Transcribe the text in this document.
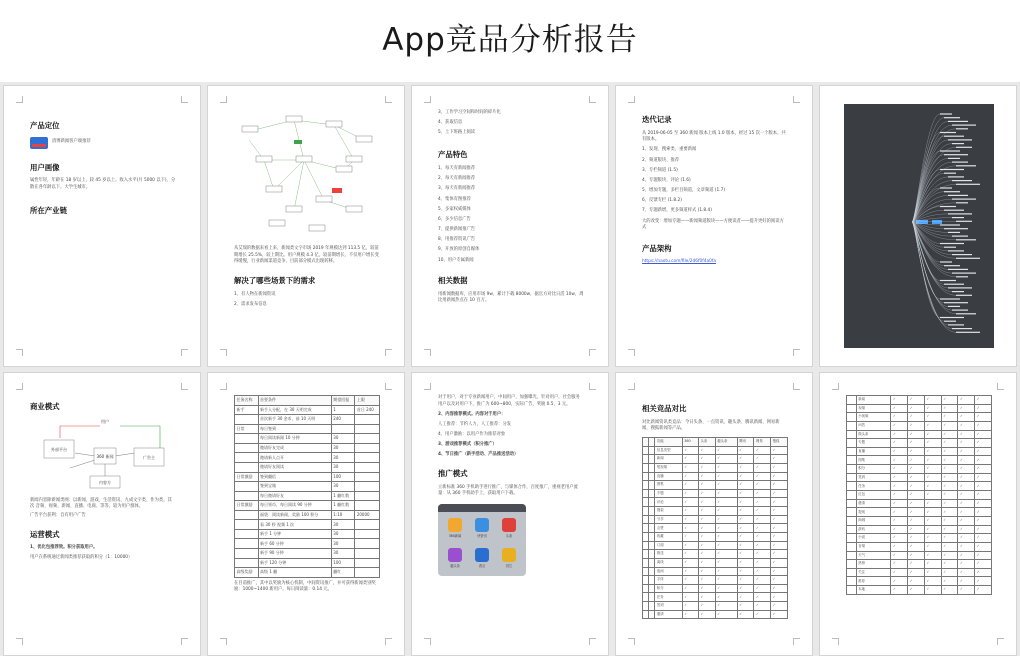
App竞品分析报告
产品定位
清博新闻客户端推荐
用户画像
属性年轻，年龄在 18 岁以上，较 45 岁以上。收入水平(月 5000 以下)，分散在各年龄以下。大学生城市。
所在产业链
从艾瑞的数据来看上来，新闻类文字市场 2019 年规模达到 113.5 亿，较前期增长 25.5%，较上期比。用户规模 4.3 亿，较前期增长，不仅用户增长变得缓慢，行业新闻渠道竞争，目前部分模式出现转移。
解决了哪些场景下的需求
1、有人物在新闻资讯
2、需求发布信息
3、工作学习空间和时间的碎片化
4、获取信息
5、上下班路上阅读
产品特色
1、每天有新闻推荐
2、每天有新闻推荐
3、每天有新闻推荐
4、集体有图推荐
5、多家权威媒体
6、多少信息广告
7、提供新闻推广告
8、用推荐资讯广告
9、开放的原创自媒体
10、用户专属新闻
相关数据
用新闻数据库，应用市场 9w，累计下载 8000w，据官方对比日活 10w，周比用新闻热点在 10 百万。
迭代记录
从 2019-06-05 至 360 新闻 版本上线 1.0 版本，经过 15 次一个版本，共有版本。
1、发现、搜索类、重要新闻
2、频道版块、推荐
3、专栏频道 (1.5)
4、专题版块、评论 (1.6)
5、增加专题，多栏目频道，文章频道 (1.7)
6、反馈专栏 (1.8.2)
7、专题新增，更多频道样式 (1.8.4)
大的改变：增加专题——新闻频道版块——方便读者——提升更好的阅读方式
产品架构
https://naotu.com/file/2d6f0f4a0fa
商业模式
外部平台
360 新闻	广告主
内容方
用户
新闻内容除新闻类网：以新闻、游戏、生活资讯、九成文字类、作为类，其次 音频、视频、新闻、直播、电商、等等，较为用户群体。
广告平台获利：自有用户广告
运营模式
1、优化包推荐效。积分获取用户。
用户在系统通过新闻类推荐获取的积分（1：10000）
任务名称	首要条件	期望回报	上限
新手	新手入分配，在 30 天明完成	1	首日 240
	首次新手 30 金币，前 10 天明	240	
日常	每日签到		
	每日阅读新闻 10 分钟	30	
	邀请好友完成	30	
	邀请新人点开	30	
	邀请好友阅读	30	
日常激励	签到翻倍	100	
	签到宝箱	30	
	每日邀请好友	1 翻红数	
日常激励	每日领币，每日阅读 90 分钟	1 翻红数	
	福袋：阅读新闻，奖励 100 积分	1:10	20000
	看 30 秒 视频 1 次	30	
	新手 1 分钟	30	
	新手 60 分钟	30	
	新手 90 分钟	30	
	新手 120 分钟	100	
高级奖励	高级 1 翻	翻红	
在目前推广，其中以奖励为核心机制，中间资讯推广，并可获得新闻类别奖励：1000~1400 新用户。每日阅读量：0.14 元。
对于用户，对于专业新闻用户，中间用户，加强曝光，针对用户，社会服务用户以及对用户下，推广为 600~800，实际广告，奖励 0.5，3 元。
2、内容推荐模式。内容对于用户：
人工推荐：节约人力，人工推荐：分发
4、用户激励：以用户作为推荐对象
3、游戏推荐模式（积分推广）
4、节日推广（新手活动、产品推送活动）
推广模式
立新标准 360 手机助手进行推广，与媒体合作，百度推广，重视老用户流量：从 360 手机助手上，获取用户下载。
360新闻	快资讯	头条
趣头条	看点	其它
相关竞品对比
对比新闻资讯类竞品：今日头条、一点资讯、趣头条、腾讯新闻、网易新闻、搜狐新闻等产品。
		功能	360	头条	趣头条	腾讯	网易	搜狐
		信息类型	✓	✓	✓	✓	✓	✓
		新闻	✓	✓	✓	✓	✓	✓
		短视频	✓	✓	✓	✓	✓	✓
		直播	✓	✓	✓	✓	✓	✓
		图集	✓	✓	✓	✓	✓	✓
		专题	✓	✓	✓	✓	✓	✓
		评论	✓	✓	✓	✓	✓	✓
		搜索	✓	✓	✓	✓	✓	✓
		分享	✓	✓	✓	✓	✓	✓
		点赞	✓	✓	✓	✓	✓	✓
		收藏	✓	✓	✓	✓	✓	✓
		订阅	✓	✓	✓	✓	✓	✓
		推送	✓	✓	✓	✓	✓	✓
		离线	✓	✓	✓	✓	✓	✓
		夜间	✓	✓	✓	✓	✓	✓
		字体	✓	✓	✓	✓	✓	✓
		积分	✓	✓	✓	✓	✓	✓
		任务	✓	✓	✓	✓	✓	✓
		签到	✓	✓	✓	✓	✓	✓
		邀请	✓	✓	✓	✓	✓	✓
	新闻	✓	✓	✓	✓	✓	✓
	视频	✓	✓	✓	✓	✓	✓
	小视频	✓	✓	✓	✓	✓	✓
	问答	✓	✓	✓	✓	✓	✓
	微头条	✓	✓	✓	✓	✓	✓
	专题	✓	✓	✓	✓	✓	✓
	直播	✓	✓	✓	✓	✓	✓
	图集	✓	✓	✓	✓	✓	✓
	积分	✓	✓	✓	✓	✓	✓
	签到	✓	✓	✓	✓	✓	✓
	任务	✓	✓	✓	✓	✓	✓
	红包	✓	✓	✓	✓	✓	✓
	邀请	✓	✓	✓	✓	✓	✓
	提现	✓	✓	✓	✓	✓	✓
	商城	✓	✓	✓	✓	✓	✓
	游戏	✓	✓	✓	✓	✓	✓
	小说	✓	✓	✓	✓	✓	✓
	音频	✓	✓	✓	✓	✓	✓
	天气	✓	✓	✓	✓	✓	✓
	热榜	✓	✓	✓	✓	✓	✓
	关注	✓	✓	✓	✓	✓	✓
	推荐	✓	✓	✓	✓	✓	✓
	本地	✓	✓	✓	✓	✓	✓
